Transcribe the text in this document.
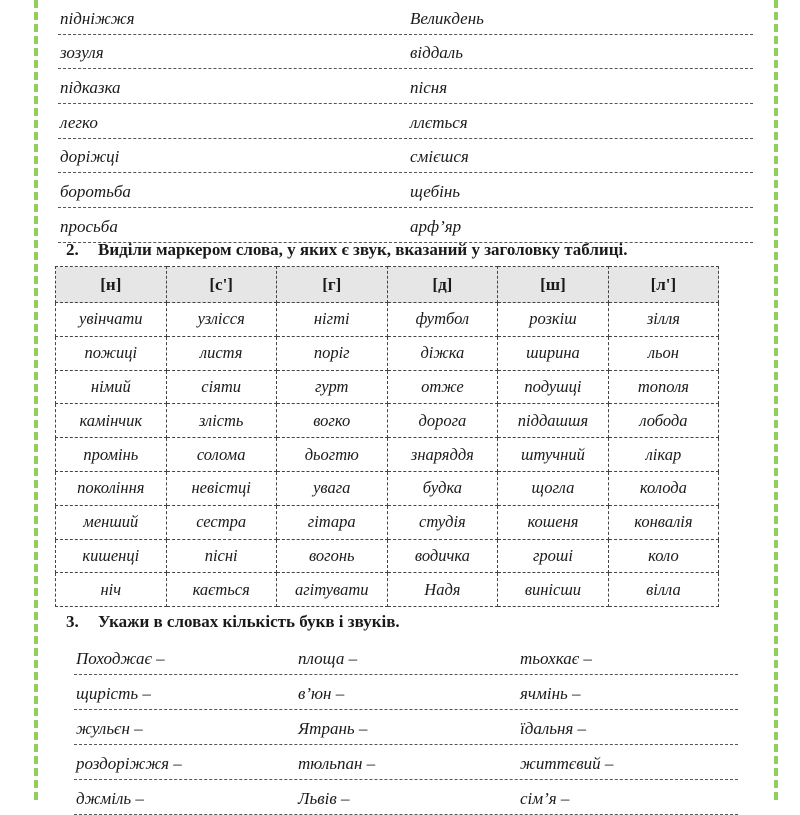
підніжжя	Великдень
зозуля	віддаль
підказка	пісня
легко	ллється
доріжці	смієшся
боротьба	щебінь
просьба	арф’яр
2. Виділи маркером слова, у яких є звук, вказаний у заголовку таблиці.
[н]	[с']	[г]	[д]	[ш]	[л']
увінчати	узлісся	нігті	футбол	розкіш	зілля
пожиці	листя	поріг	діжка	ширина	льон
німий	сіяти	гурт	отже	подушці	тополя
камінчик	злість	вогко	дорога	піддашшя	лобода
промінь	солома	дьогтю	знаряддя	штучний	лікар
покоління	невістці	увага	будка	щогла	колода
менший	сестра	гітара	студія	кошеня	конвалія
кишенці	пісні	вогонь	водичка	гроші	коло
ніч	кається	агітувати	Надя	винісши	вілла
3. Укажи в словах кількість букв і звуків.
Походжає –	площа –	тьохкає –
щирість –	в’юн –	ячмінь –
жульєн –	Ятрань –	їдальня –
роздоріжжя –	тюльпан –	життєвий –
джміль –	Львів –	сім’я –
